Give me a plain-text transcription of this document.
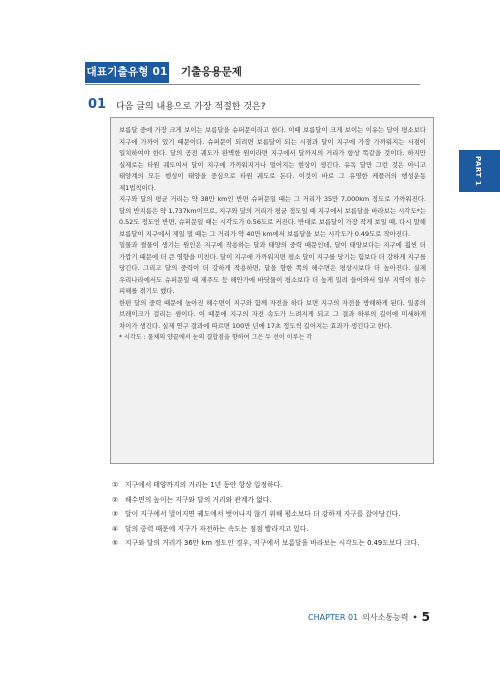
대표기출유형 01 기출응용문제
01 다음 글의 내용으로 가장 적절한 것은?
보름달 중에 가장 크게 보이는 보름달을 슈퍼문이라고 한다. 이때 보름달이 크게 보이는 이유는 달이 평소보다 지구에 가까이 있기 때문이다. 슈퍼문이 되려면 보름달이 되는 시점과 달이 지구에 가장 가까워지는 시점이 일치하여야 한다. 달의 공전 궤도가 완벽한 원이라면 지구에서 달까지의 거리가 항상 똑같을 것이다. 하지만 실제로는 타원 궤도여서 달이 지구에 가까워지거나 멀어지는 현상이 생긴다. 유독 달만 그런 것은 아니고 태양계의 모든 행성이 태양을 중심으로 타원 궤도로 돈다. 이것이 바로 그 유명한 케플러의 행성운동 제1법칙이다.
지구와 달의 평균 거리는 약 38만 km인 반면 슈퍼문일 때는 그 거리가 35만 7,000km 정도로 가까워진다. 달의 반지름은 약 1,737km이므로, 지구와 달의 거리가 평균 정도일 때 지구에서 보름달을 바라보는 시각도*는 0.52도 정도인 반면, 슈퍼문일 때는 시각도가 0.56도로 커진다. 반대로 보름달이 가장 작게 보일 때, 다시 말해 보름달이 지구에서 제일 멀 때는 그 거리가 약 40만 km에서 보름달을 보는 시각도가 0.49도로 작아진다.
밀물과 썰물이 생기는 원인은 지구에 작용하는 달과 태양의 중력 때문인데, 달이 태양보다는 지구에 훨씬 더 가깝기 때문에 더 큰 영향을 미친다. 달이 지구에 가까워지면 평소 달이 지구를 당기는 힘보다 더 강하게 지구를 당긴다. 그리고 달의 중력이 더 강하게 작용하면, 달을 향한 쪽의 해수면은 평상시보다 더 높아진다. 실제 우리나라에서도 슈퍼문일 때 제주도 등 해안가에 바닷물이 평소보다 더 높게 밀려 들어와서 일부 지역이 침수 피해를 겪기도 했다.
한편 달의 중력 때문에 높아진 해수면이 지구와 함께 자전을 하다 보면 지구의 자전을 방해하게 된다. 일종의 브레이크가 걸리는 셈이다. 이 때문에 지구의 자전 속도가 느려지게 되고 그 결과 하루의 길이에 미세하게 차이가 생긴다. 실제 연구 결과에 따르면 100만 년에 17초 정도씩 길어지는 효과가 생긴다고 한다.
* 시각도 : 물체의 양끝에서 눈의 결합점을 향하여 그은 두 선이 이루는 각
①	지구에서 태양까지의 거리는 1년 동안 항상 일정하다.
②	해수면의 높이는 지구와 달의 거리와 관계가 없다.
③	달이 지구에서 멀어지면 궤도에서 벗어나지 않기 위해 평소보다 더 강하게 지구를 잡아당긴다.
④	달의 중력 때문에 지구가 자전하는 속도는 점점 빨라지고 있다.
⑤	지구와 달의 거리가 36만 km 정도인 경우, 지구에서 보름달을 바라보는 시각도는 0.49도보다 크다.
PART 1
CHAPTER 01 의사소통능력 • 5
